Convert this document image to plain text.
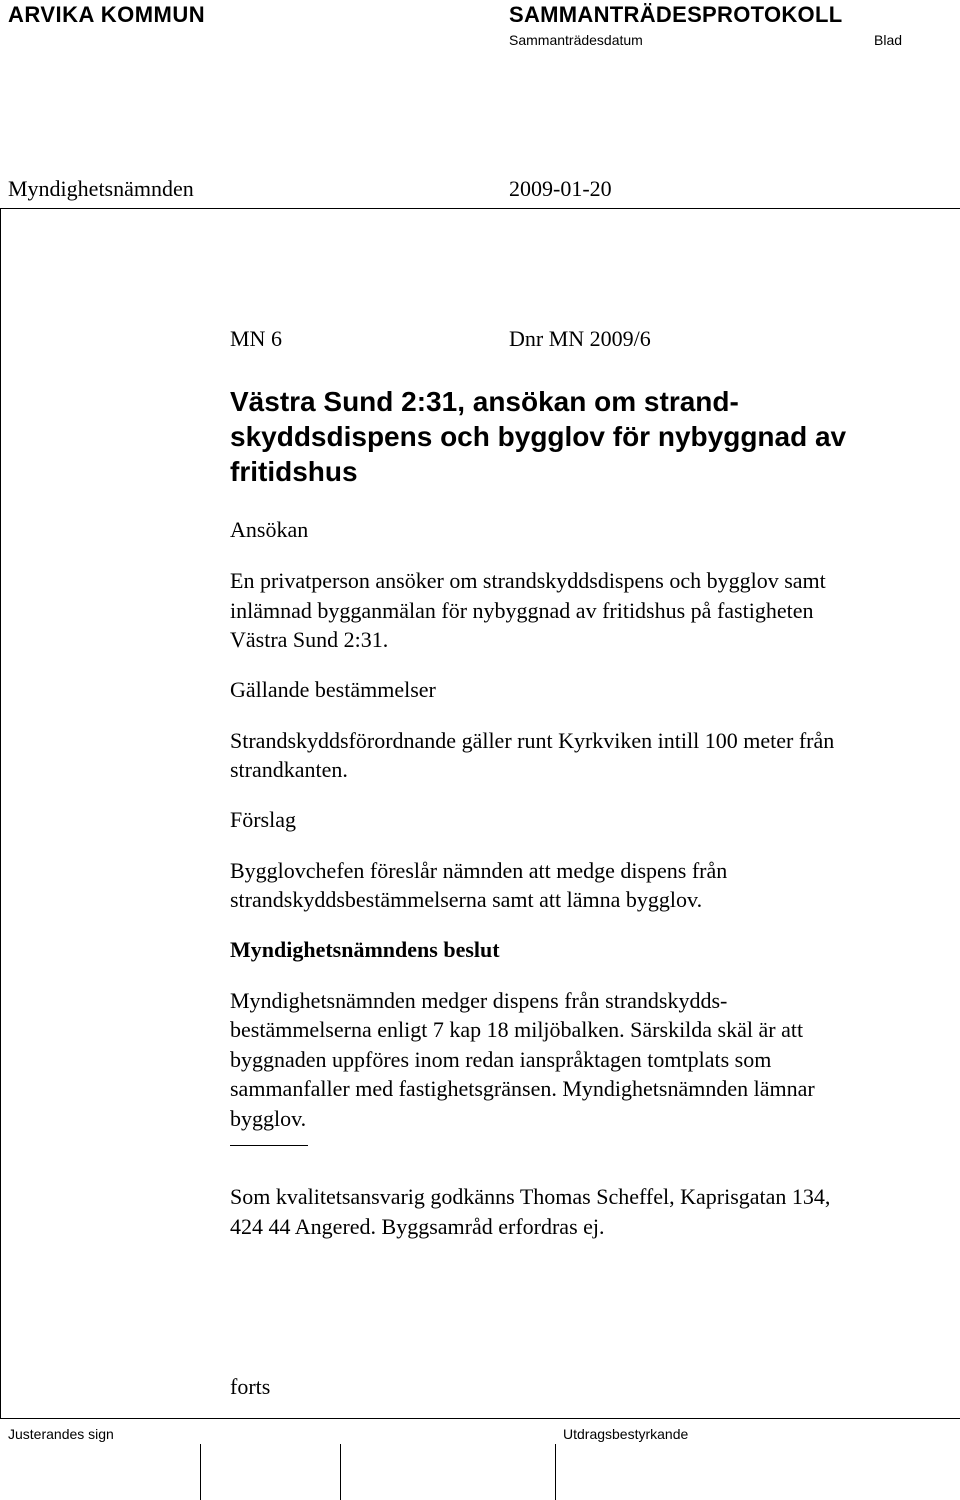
ARVIKA KOMMUN	SAMMANTRÄDESPROTOKOLL
Sammanträdesdatum	Blad
Myndighetsnämnden	2009-01-20
MN 6	Dnr MN 2009/6
Västra Sund 2:31, ansökan om strand-
skyddsdispens och bygglov för nybyggnad av
fritidshus
Ansökan
En privatperson ansöker om strandskyddsdispens och bygglov samt
inlämnad bygganmälan för nybyggnad av fritidshus på fastigheten
Västra Sund 2:31.
Gällande bestämmelser
Strandskyddsförordnande gäller runt Kyrkviken intill 100 meter från
strandkanten.
Förslag
Bygglovchefen föreslår nämnden att medge dispens från
strandskyddsbestämmelserna samt att lämna bygglov.
Myndighetsnämndens beslut
Myndighetsnämnden medger dispens från strandskydds-
bestämmelserna enligt 7 kap 18 miljöbalken. Särskilda skäl är att
byggnaden uppföres inom redan ianspråktagen tomtplats som
sammanfaller med fastighetsgränsen. Myndighetsnämnden lämnar
bygglov.
Som kvalitetsansvarig godkänns Thomas Scheffel, Kaprisgatan 134,
424 44 Angered. Byggsamråd erfordras ej.
forts
Justerandes sign	Utdragsbestyrkande
